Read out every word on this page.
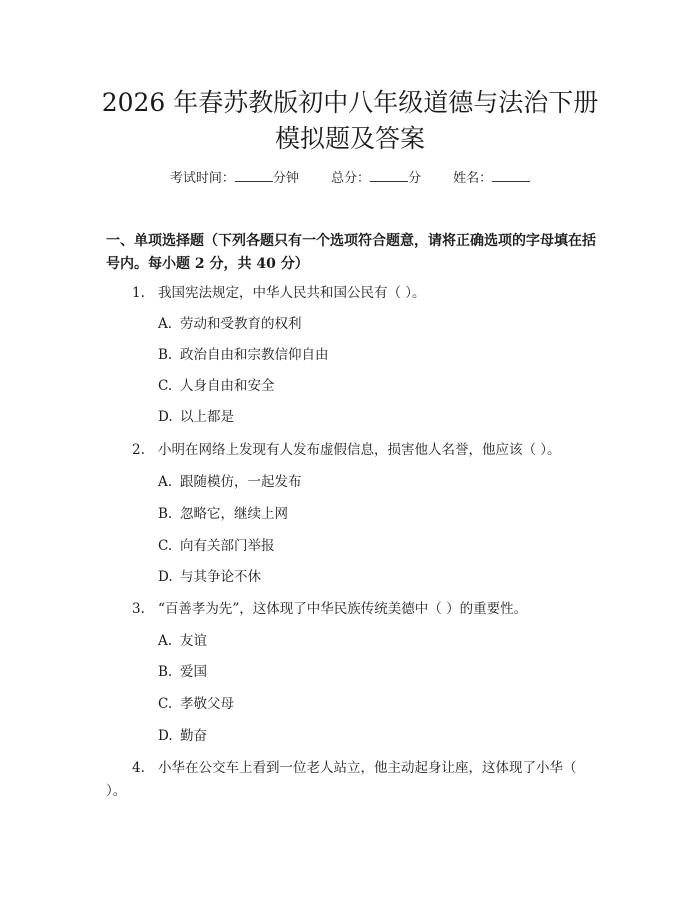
2026 年春苏教版初中八年级道德与法治下册
模拟题及答案
考试时间：	分钟 总分：	分 姓名：

一、单项选择题（下列各题只有一个选项符合题意，请将正确选项的字母填在括号内。每小题 2 分，共 40 分）

1. 我国宪法规定，中华人民共和国公民有（ ）。
A. 劳动和受教育的权利
B. 政治自由和宗教信仰自由
C. 人身自由和安全
D. 以上都是
2. 小明在网络上发现有人发布虚假信息，损害他人名誉，他应该（ ）。
A. 跟随模仿，一起发布
B. 忽略它，继续上网
C. 向有关部门举报
D. 与其争论不休
3. “百善孝为先”，这体现了中华民族传统美德中（ ）的重要性。
A. 友谊
B. 爱国
C. 孝敬父母
D. 勤奋
4. 小华在公交车上看到一位老人站立，他主动起身让座，这体现了小华（ ）。
